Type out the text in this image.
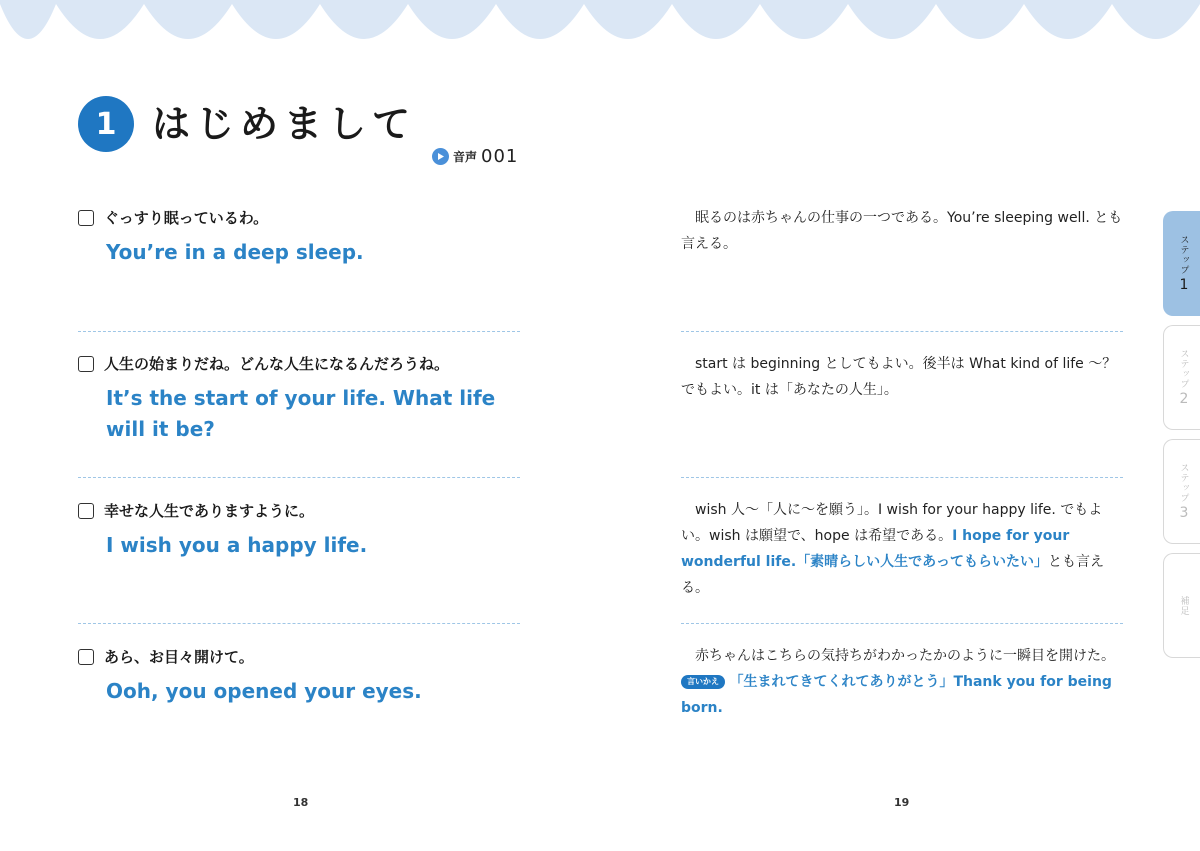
1 はじめまして
音声 001
ぐっすり眠っているわ。
You’re in a deep sleep.
人生の始まりだね。どんな人生になるんだろうね。
It’s the start of your life. What life will it be?
幸せな人生でありますように。
I wish you a happy life.
あら、お目々開けて。
Ooh, you opened your eyes.
眠るのは赤ちゃんの仕事の一つである。You’re sleeping well. とも言える。
start は beginning としてもよい。後半は What kind of life ～？でもよい。it は「あなたの人生」。
wish 人～「人に～を願う」。I wish for your happy life. でもよい。wish は願望で、hope は希望である。I hope for your wonderful life.「素晴らしい人生であってもらいたい」とも言える。
赤ちゃんはこちらの気持ちがわかったかのように一瞬目を開けた。 言いかえ 「生まれてきてくれてありがとう」Thank you for being born.
18	19
ステップ
1
ステップ
2
ステップ
3
補足
